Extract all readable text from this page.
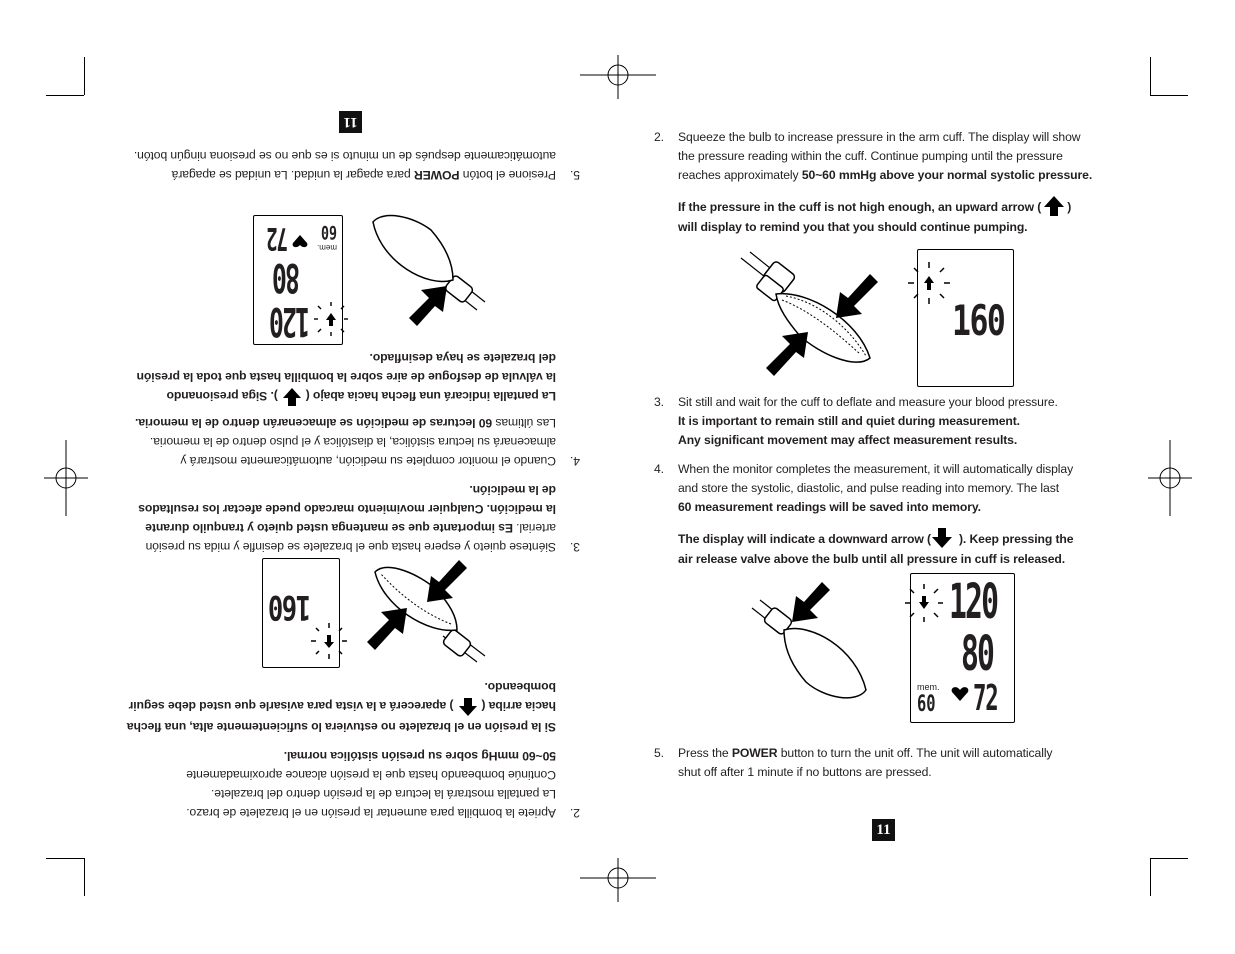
2. Squeeze the bulb to increase pressure in the arm cuff. The display will show
the pressure reading within the cuff. Continue pumping until the pressure
reaches approximately 50~60 mmHg above your normal systolic pressure.
If the pressure in the cuff is not high enough, an upward arrow ( )
will display to remind you that you should continue pumping.
160
3. Sit still and wait for the cuff to deflate and measure your blood pressure.
It is important to remain still and quiet during measurement.
Any significant movement may affect measurement results.
4. When the monitor completes the measurement, it will automatically display
and store the systolic, diastolic, and pulse reading into memory. The last
60 measurement readings will be saved into memory.
The display will indicate a downward arrow ( ). Keep pressing the
air release valve above the bulb until all pressure in cuff is released.
120
80
mem.
60 72
5. Press the POWER button to turn the unit off. The unit will automatically
shut off after 1 minute if no buttons are pressed.
11
2.
Apriete la bombilla para aumentar la presión en el brazalete de brazo.
La pantalla mostrará la lectura de la presión dentro del brazalete.
Continúe bombeando hasta que la presión alcance aproximadamente
50~60 mmHg sobre su presión sistólica normal.
Si la presión en el brazalete no estuviera lo suficientemente alta, una flecha
hacia arriba () aparecerá a la vista para avisarle que usted debe seguir
bombeando.
160
3.
Siéntese quieto y espere hasta que el brazalete se desinfle y mida su presión
arterial. Es importante que se mantenga usted quieto y tranquilo durante
la medición. Cualquier movimiento marcado puede afectar los resultados
de la medición.
4.
Cuando el monitor complete su medición, automáticamente mostrará y
almacenará su lectura sistólica, la diastólica y el pulso dentro de la memoria.
Las últimas 60 lecturas de medición se almacenarán dentro de la memoria.
La pantalla indicará una flecha hacia abajo (). Siga presionando
la válvula de desfogue de aire sobre la bombilla hasta que toda la presión
del brazalete se haya desinflado.
120
80
mem.
60
72
5.
Presione el botón POWER para apagar la unidad. La unidad se apagará
automáticamente después de un minuto si es que no se presiona ningún botón.
11
